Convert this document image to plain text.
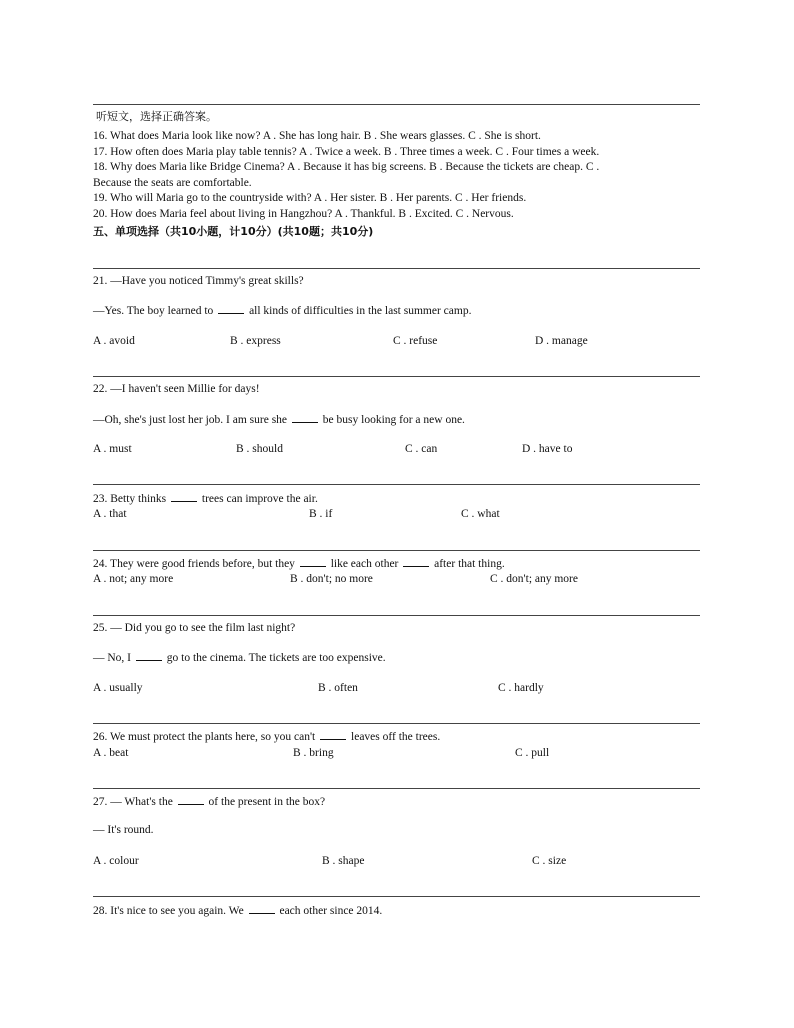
听短文，选择正确答案。
16. What does Maria look like now? A . She has long hair. B . She wears glasses. C . She is short.
17. How often does Maria play table tennis? A . Twice a week. B . Three times a week. C . Four times a week.
18. Why does Maria like Bridge Cinema? A . Because it has big screens. B . Because the tickets are cheap. C .
Because the seats are comfortable.
19. Who will Maria go to the countryside with? A . Her sister. B . Her parents. C . Her friends.
20. How does Maria feel about living in Hangzhou? A . Thankful. B . Excited. C . Nervous.
五、单项选择（共10小题，计10分）(共10题；共10分)
21. —Have you noticed Timmy's great skills?
—Yes. The boy learned to	all kinds of difficulties in the last summer camp.
A . avoid	B . express	C . refuse	D . manage
22. —I haven't seen Millie for days!
—Oh, she's just lost her job. I am sure she	be busy looking for a new one.
A . must	B . should	C . can	D . have to
23. Betty thinks	trees can improve the air.
A . that	B . if	C . what
24. They were good friends before, but they	like each other	after that thing.
A . not; any more	B . don't; no more	C . don't; any more
25. — Did you go to see the film last night?
— No, I	go to the cinema. The tickets are too expensive.
A . usually	B . often	C . hardly
26. We must protect the plants here, so you can't	leaves off the trees.
A . beat	B . bring	C . pull
27. — What's the	of the present in the box?
— It's round.
A . colour	B . shape	C . size
28. It's nice to see you again. We	each other since 2014.
